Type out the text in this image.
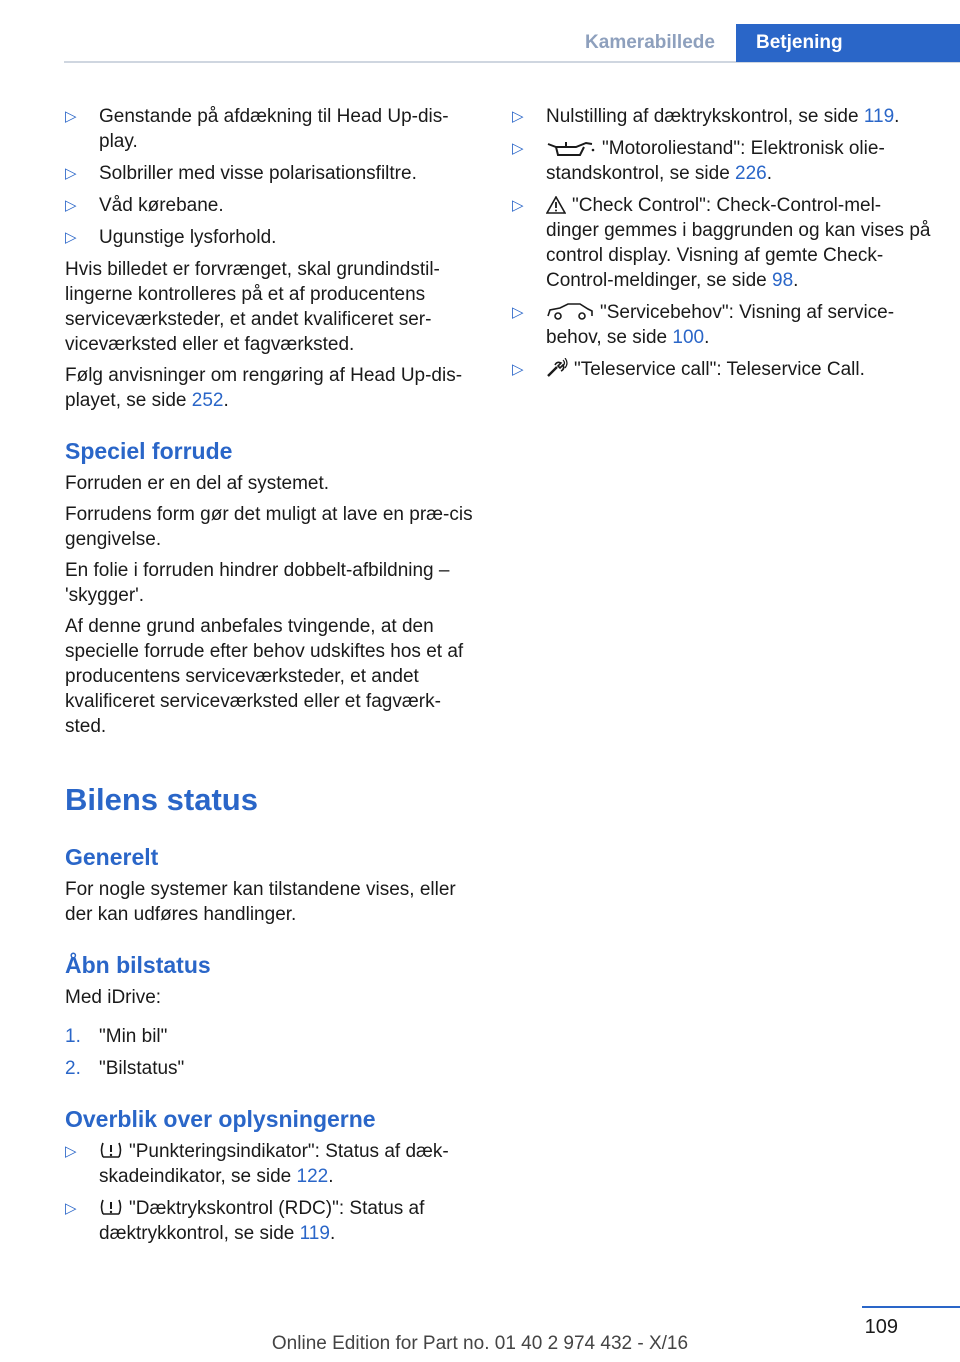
Kamerabillede	Betjening
▷ Genstande på afdækning til Head Up-dis-play.
▷ Solbriller med visse polarisationsfiltre.
▷ Våd kørebane.
▷ Ugunstige lysforhold.

Hvis billedet er forvrænget, skal grundindstil-lingerne kontrolleres på et af producentens serviceværksteder, et andet kvalificeret ser-viceværksted eller et fagværksted.

Følg anvisninger om rengøring af Head Up-dis-playet, se side 252.

Speciel forrude

Forruden er en del af systemet.

Forrudens form gør det muligt at lave en præ-cis gengivelse.

En folie i forruden hindrer dobbelt-afbildning – 'skygger'.

Af denne grund anbefales tvingende, at den specielle forrude efter behov udskiftes hos et af producentens serviceværksteder, et andet kvalificeret serviceværksted eller et fagværk-sted.

Bilens status
Generelt

For nogle systemer kan tilstandene vises, eller der kan udføres handlinger.

Åbn bilstatus

Med iDrive:

1. "Min bil"
2. "Bilstatus"
Overblik over oplysningerne
▷	"Punkteringsindikator": Status af dæk-skadeindikator, se side 122.
▷	"Dæktrykskontrol (RDC)": Status af dæktrykkontrol, se side 119.
▷ Nulstilling af dæktrykskontrol, se side 119.
▷	"Motoroliestand": Elektronisk olie-standskontrol, se side 226.
▷	"Check Control": Check-Control-mel-dinger gemmes i baggrunden og kan vises på control display. Visning af gemte Check-Control-meldinger, se side 98.
▷	"Servicebehov": Visning af service-behov, se side 100.
▷	"Teleservice call": Teleservice Call.
109
Online Edition for Part no. 01 40 2 974 432 - X/16
